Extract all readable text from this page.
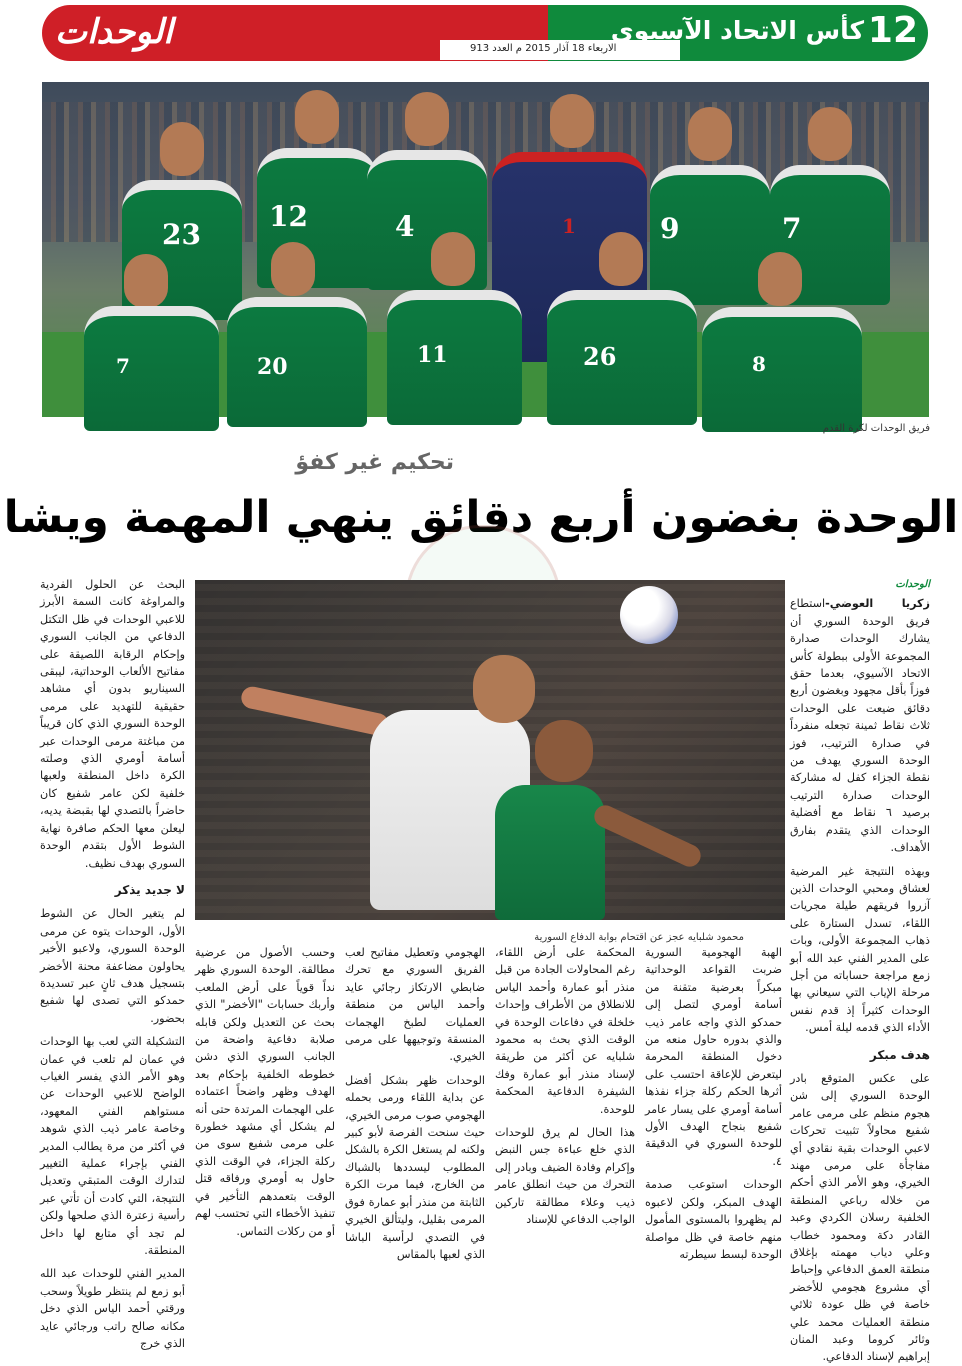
الوحدات	12
كأس الاتحاد الآسيوي
الاربعاء 18 آذار 2015 م العدد 913
23
12	4	1	9	7
7	20	11	26	8
فريق الوحدات لكرة القدم
تحكيم غير كفؤ
الوحدة بغضون أربع دقائق ينهي المهمة ويشا
محمود شلبايه عجز عن اقتحام بوابة الدفاع السورية

الوحدات

زكريا العوضي-استطاع فريق الوحدة السوري أن يشارك الوحدات صدارة المجموعة الأولى ببطولة كأس الاتحاد الآسيوي، بعدما حقق فوزاً بأقل مجهود وبغضون أربع دقائق ضيعت على الوحدات ثلاث نقاط ثمينة تجعله منفرداً في صدارة الترتيب، فوز الوحدة السوري يهدف من نقطة الجزاء كفل له مشاركة الوحدات صدارة الترتيب برصيد ٦ نقاط مع أفضلية الوحدات الذي يتقدم بفارق الأهداف.

وبهذه النتيجة غير المرضية لعشاق ومحبي الوحدات الذين آزروا فريقهم طيلة مجريات اللقاء، تسدل الستارة على ذهاب المجموعة الأولى، وبات على المدير الفني عبد الله أبو زمع مراجعة حساباته من أجل مرحلة الإياب التي سيعاني بها الوحدات كثيراً إذ قدم نفس الأداء الذي قدمه ليلة أمس.

هدف مبكر

على عكس المتوقع بادر الوحدة السوري إلى شن هجوم منظم على مرمى عامر شفيع محاولاً تثبيت تحركات لاعبي الوحدات بقية نقادي أي مفاجأة على مرمى مهند الخيري، وهو الأمر الذي أحكم من خلاله رباعي المنطقة الخلفية رسلان الكردي وعبد القادر دكة ومحمود خطاب وعلي دياب مهمته بإغلاق منطقة العمق الدفاعي وإحباط أي مشروع هجومي للأخضر خاصة في ظل عودة ثلاثي منطقة العمليات محمد علي وثائر كروما وعبد المنان إبراهيم لإسناد الدفاعي.

البحث عن الحلول الفردية والمراوغة كانت السمة الأبرز للاعبي الوحدات في ظل التكتل الدفاعي من الجانب السوري وإحكام الرقابة اللصيقة على مفاتيح الألعاب الوحداتية، ليبقى السيناريو بدون أي مشاهد حقيقية للتهديد على مرمى الوحدة السوري الذي كان قريباً من مباغتة مرمى الوحدات عبر أسامة أومري الذي وصلته الكرة داخل المنطقة ولعبها خلفية لكن عامر شفيع كان حاضراً بالتصدي لها بقبضة يديه، ليعلن معها الحكم صافرة نهاية الشوط الأول بتقدم الوحدة السوري بهدف نظيف.

لا جديد يذكر

لم يتغير الحال عن الشوط الأول، الوحدات يتوه عن مرمى الوحدة السوري، ولاعبو الأخير يحاولون مضاعفة محنة الأخضر بتسجيل هدف ثانٍ عبر تسديدة حمدكو التي تصدى لها شفيع بحضور.

التشكيلة التي لعب بها الوحدات في عمان لم تلعب في عمان وهو الأمر الذي يفسر الغياب الواضح للاعبي الوحدات عن مستواهم الفني المعهود، وخاصة عامر ذيب الذي شوهد في أكثر من مرة يطالب المدير الفني بإجراء عملية التغيير لتدارك الوقت المتبقي وتعديل النتيجة، التي كادت أن تأتي عبر رأسية زعترة الذي صلحها ولكن لم تجد أي متابع لها داخل المنطقة.

المدير الفني للوحدات عبد الله أبو زمع لم ينتظر طويلاً وسحب ورقتي أحمد الياس الذي دخل مكانه صالح راتب ورجائي عايد الذي خرج

الهبة الهجومية السورية ضربت القواعد الوحداتية مبكراً بعرضية متقنة من أسامة أومري لتصل إلى حمدكو الذي واجه عامر ذيب والذي بدوره حاول منعه من دخول المنطقة المحرمة ليتعرض للإعاقة احتسب على أثرها الحكم ركلة جزاء نفذها أسامة أومري على يسار عامر شفيع بنجاح الهدف الأول للوحدة السوري في الدقيقة ٤.

الوحدات استوعب صدمة الهدف المبكر، ولكن لاعبوه لم يظهروا بالمستوى المأمول منهم خاصة في ظل مواصلة الوحدة لبسط سيطرته

المحكمة على أرض اللقاء، رغم المحاولات الجادة من قبل منذر أبو عمارة وأحمد الياس للانطلاق من الأطراف وإحداث خلخلة في دفاعات الوحدة في الوقت الذي بحث به محمود شلبايه عن أكثر من طريقة لإسناد منذر أبو عمارة وفك الشيفرة الدفاعية المحكمة للوحدة.

هذا الحال لم يرق للوحدات الذي خلع عباءة جس النبض وإكرام وفادة الضيف وبادر إلى التحرك من حيث انطلق عامر ذيب وعلاء مطالقة تاركين الواجب الدفاعي للإسناد

الهجومي وتعطيل مفاتيح لعب الفريق السوري مع تحرك ضابطي الارتكاز رجائي عايد وأحمد الياس من منطقة العمليات لطبخ الهجمات المنسقة وتوجيهها على مرمى الخيري.

الوحدات ظهر بشكل أفضل عن بداية اللقاء ورمى بحمله الهجومي صوب مرمى الخيري، حيث سنحت الفرصة لأبو كبير ولكنه لم يستغل الكرة بالشكل المطلوب ليسددها بالشباك من الخارج، فيما مرت الكرة الثابتة من منذر أبو عمارة فوق المرمى بقليل، وليتألق الخيري في التصدي لرأسية الباشا الذي لعبها بالمقاس

وحسب الأصول من عرضية مطالقة. الوحدة السوري ظهر نداً قوياً على أرض الملعب وأربك حسابات "الأخضر" الذي بحث عن التعديل ولكن قابله صلابة دفاعية واضحة من الجانب السوري الذي دشن خطوطه الخلفية بإحكام بعد الهدف وظهر واضحاً اعتماده على الهجمات المرتدة حتى أنه لم يشكل أي مشهد خطورة على مرمى شفيع سوى من ركلة الجزاء، في الوقت الذي حاول به أومري ورفاقه قتل الوقت بتعمدهم التأخير في تنفيذ الأخطاء التي تحتسب لهم أو من ركلات التماس.
